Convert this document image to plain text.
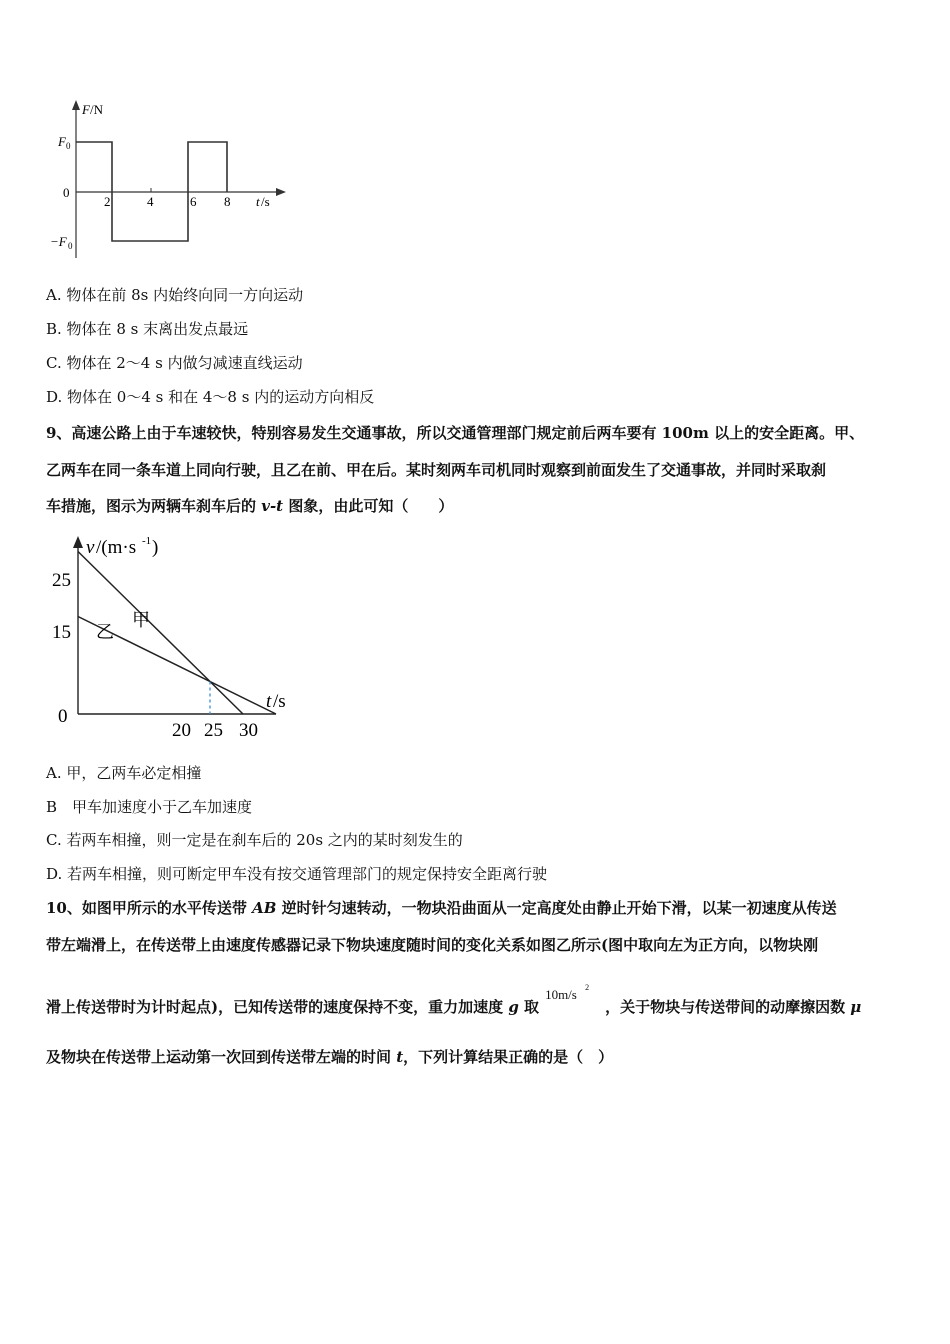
F /N
F 0
0
−F 0
2	4	6 8 t /s
A. 物体在前 8s 内始终向同一方向运动
B. 物体在 8 s 末离出发点最远
C. 物体在 2～4 s 内做匀减速直线运动
D. 物体在 0～4 s 和在 4～8 s 内的运动方向相反
9、高速公路上由于车速较快，特别容易发生交通事故，所以交通管理部门规定前后两车要有 100m 以上的安全距离。甲、
乙两车在同一条车道上同向行驶，且乙在前、甲在后。某时刻两车司机同时观察到前面发生了交通事故，并同时采取刹
车措施，图示为两辆车刹车后的 v-t 图象，由此可知（　　）
v /(m·s -1 )
25
15
0
20 25 30
t /s
甲
乙
A. 甲，乙两车必定相撞
B　甲车加速度小于乙车加速度
C. 若两车相撞，则一定是在刹车后的 20s 之内的某时刻发生的
D. 若两车相撞，则可断定甲车没有按交通管理部门的规定保持安全距离行驶
10、如图甲所示的水平传送带 AB 逆时针匀速转动，一物块沿曲面从一定高度处由静止开始下滑，以某一初速度从传送
带左端滑上，在传送带上由速度传感器记录下物块速度随时间的变化关系如图乙所示(图中取向左为正方向，以物块刚
滑上传送带时为计时起点)，已知传送带的速度保持不变，重力加速度 g 取
10m/s 2
，关于物块与传送带间的动摩擦因数 μ
及物块在传送带上运动第一次回到传送带左端的时间 t，下列计算结果正确的是（　）
